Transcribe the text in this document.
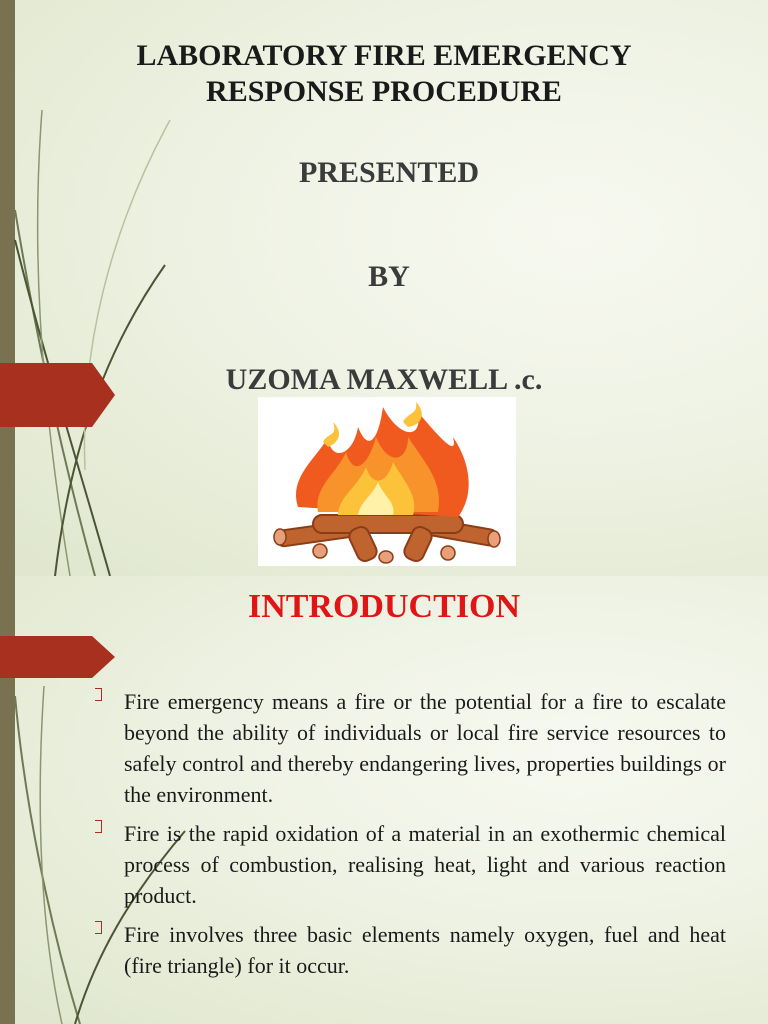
LABORATORY FIRE EMERGENCY
RESPONSE PROCEDURE
PRESENTED
BY
UZOMA MAXWELL .c.
INTRODUCTION
Fire emergency means a fire or the potential for a fire to escalate beyond the ability of individuals or local fire service resources to safely control and thereby endangering lives, properties buildings or the environment.
Fire is the rapid oxidation of a material in an exothermic chemical process of combustion, realising heat, light and various reaction product.
Fire involves three basic elements namely oxygen, fuel and heat (fire triangle) for it occur.
